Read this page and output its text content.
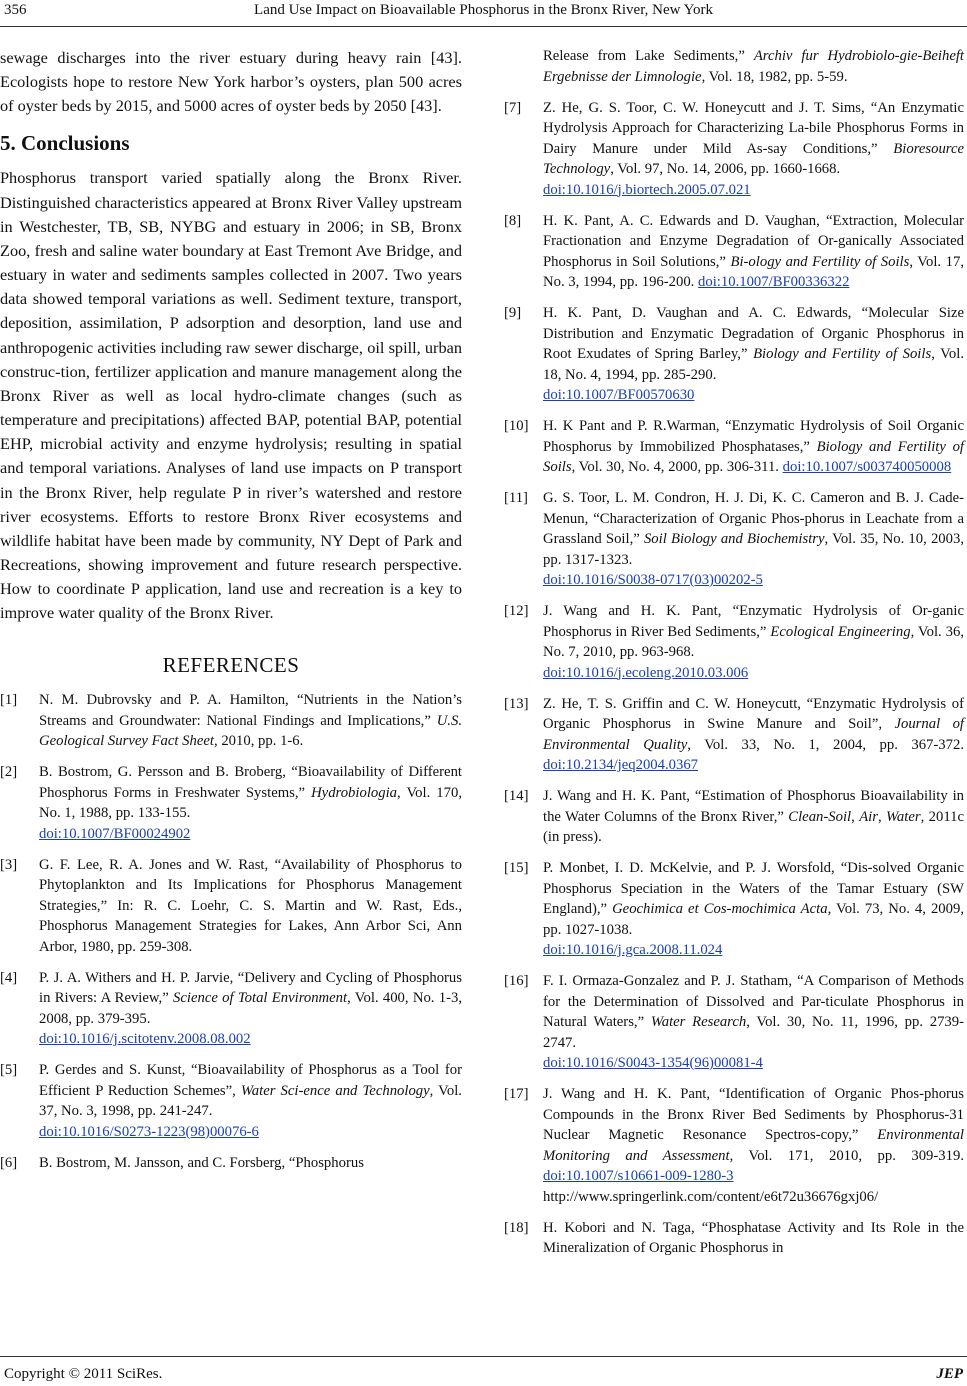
356	Land Use Impact on Bioavailable Phosphorus in the Bronx River, New York

sewage discharges into the river estuary during heavy rain [43]. Ecologists hope to restore New York harbor’s oysters, plan 500 acres of oyster beds by 2015, and 5000 acres of oyster beds by 2050 [43].

5. Conclusions

Phosphorus transport varied spatially along the Bronx River. Distinguished characteristics appeared at Bronx River Valley upstream in Westchester, TB, SB, NYBG and estuary in 2006; in SB, Bronx Zoo, fresh and saline water boundary at East Tremont Ave Bridge, and estuary in water and sediments samples collected in 2007. Two years data showed temporal variations as well. Sediment texture, transport, deposition, assimilation, P adsorption and desorption, land use and anthropogenic activities including raw sewer discharge, oil spill, urban construc-tion, fertilizer application and manure management along the Bronx River as well as local hydro-climate changes (such as temperature and precipitations) affected BAP, potential BAP, potential EHP, microbial activity and enzyme hydrolysis; resulting in spatial and temporal variations. Analyses of land use impacts on P transport in the Bronx River, help regulate P in river’s watershed and restore river ecosystems. Efforts to restore Bronx River ecosystems and wildlife habitat have been made by community, NY Dept of Park and Recreations, showing improvement and future research perspective. How to coordinate P application, land use and recreation is a key to improve water quality of the Bronx River.

REFERENCES
[1]	N. M. Dubrovsky and P. A. Hamilton, “Nutrients in the Nation’s Streams and Groundwater: National Findings and Implications,” U.S. Geological Survey Fact Sheet, 2010, pp. 1-6.
[2]	B. Bostrom, G. Persson and B. Broberg, “Bioavailability of Different Phosphorus Forms in Freshwater Systems,” Hydrobiologia, Vol. 170, No. 1, 1988, pp. 133-155.
doi:10.1007/BF00024902
[3]	G. F. Lee, R. A. Jones and W. Rast, “Availability of Phosphorus to Phytoplankton and Its Implications for Phosphorus Management Strategies,” In: R. C. Loehr, C. S. Martin and W. Rast, Eds., Phosphorus Management Strategies for Lakes, Ann Arbor Sci, Ann Arbor, 1980, pp. 259-308.
[4]	P. J. A. Withers and H. P. Jarvie, “Delivery and Cycling of Phosphorus in Rivers: A Review,” Science of Total Environment, Vol. 400, No. 1-3, 2008, pp. 379-395.
doi:10.1016/j.scitotenv.2008.08.002
[5]	P. Gerdes and S. Kunst, “Bioavailability of Phosphorus as a Tool for Efficient P Reduction Schemes”, Water Sci-ence and Technology, Vol. 37, No. 3, 1998, pp. 241-247.
doi:10.1016/S0273-1223(98)00076-6
[6]	B. Bostrom, M. Jansson, and C. Forsberg, “Phosphorus
Release from Lake Sediments,” Archiv fur Hydrobiolo-gie-Beiheft Ergebnisse der Limnologie, Vol. 18, 1982, pp. 5-59.
[7]	Z. He, G. S. Toor, C. W. Honeycutt and J. T. Sims, “An Enzymatic Hydrolysis Approach for Characterizing La-bile Phosphorus Forms in Dairy Manure under Mild As-say Conditions,” Bioresource Technology, Vol. 97, No. 14, 2006, pp. 1660-1668.
doi:10.1016/j.biortech.2005.07.021
[8]	H. K. Pant, A. C. Edwards and D. Vaughan, “Extraction, Molecular Fractionation and Enzyme Degradation of Or-ganically Associated Phosphorus in Soil Solutions,” Bi-ology and Fertility of Soils, Vol. 17, No. 3, 1994, pp. 196-200. doi:10.1007/BF00336322
[9]	H. K. Pant, D. Vaughan and A. C. Edwards, “Molecular Size Distribution and Enzymatic Degradation of Organic Phosphorus in Root Exudates of Spring Barley,” Biology and Fertility of Soils, Vol. 18, No. 4, 1994, pp. 285-290.
doi:10.1007/BF00570630
[10] H. K Pant and P. R.Warman, “Enzymatic Hydrolysis of Soil Organic Phosphorus by Immobilized Phosphatases,” Biology and Fertility of Soils, Vol. 30, No. 4, 2000, pp. 306-311. doi:10.1007/s003740050008
[11]	G. S. Toor, L. M. Condron, H. J. Di, K. C. Cameron and B. J. Cade-Menun, “Characterization of Organic Phos-phorus in Leachate from a Grassland Soil,” Soil Biology and Biochemistry, Vol. 35, No. 10, 2003, pp. 1317-1323.
doi:10.1016/S0038-0717(03)00202-5
[12] J. Wang and H. K. Pant, “Enzymatic Hydrolysis of Or-ganic Phosphorus in River Bed Sediments,” Ecological Engineering, Vol. 36, No. 7, 2010, pp. 963-968.
doi:10.1016/j.ecoleng.2010.03.006
[13] Z. He, T. S. Griffin and C. W. Honeycutt, “Enzymatic Hydrolysis of Organic Phosphorus in Swine Manure and Soil”, Journal of Environmental Quality, Vol. 33, No. 1, 2004, pp. 367-372. doi:10.2134/jeq2004.0367
[14] J. Wang and H. K. Pant, “Estimation of Phosphorus Bioavailability in the Water Columns of the Bronx River,” Clean-Soil, Air, Water, 2011c (in press).
[15] P. Monbet, I. D. McKelvie, and P. J. Worsfold, “Dis-solved Organic Phosphorus Speciation in the Waters of the Tamar Estuary (SW England),” Geochimica et Cos-mochimica Acta, Vol. 73, No. 4, 2009, pp. 1027-1038.
doi:10.1016/j.gca.2008.11.024
[16] F. I. Ormaza-Gonzalez and P. J. Statham, “A Comparison of Methods for the Determination of Dissolved and Par-ticulate Phosphorus in Natural Waters,” Water Research, Vol. 30, No. 11, 1996, pp. 2739-2747.
doi:10.1016/S0043-1354(96)00081-4
[17] J. Wang and H. K. Pant, “Identification of Organic Phos-phorus Compounds in the Bronx River Bed Sediments by Phosphorus-31 Nuclear Magnetic Resonance Spectros-copy,” Environmental Monitoring and Assessment, Vol. 171, 2010, pp. 309-319. doi:10.1007/s10661-009-1280-3 http://www.springerlink.com/content/e6t72u36676gxj06/
[18] H. Kobori and N. Taga, “Phosphatase Activity and Its Role in the Mineralization of Organic Phosphorus in
Copyright © 2011 SciRes.	JEP
